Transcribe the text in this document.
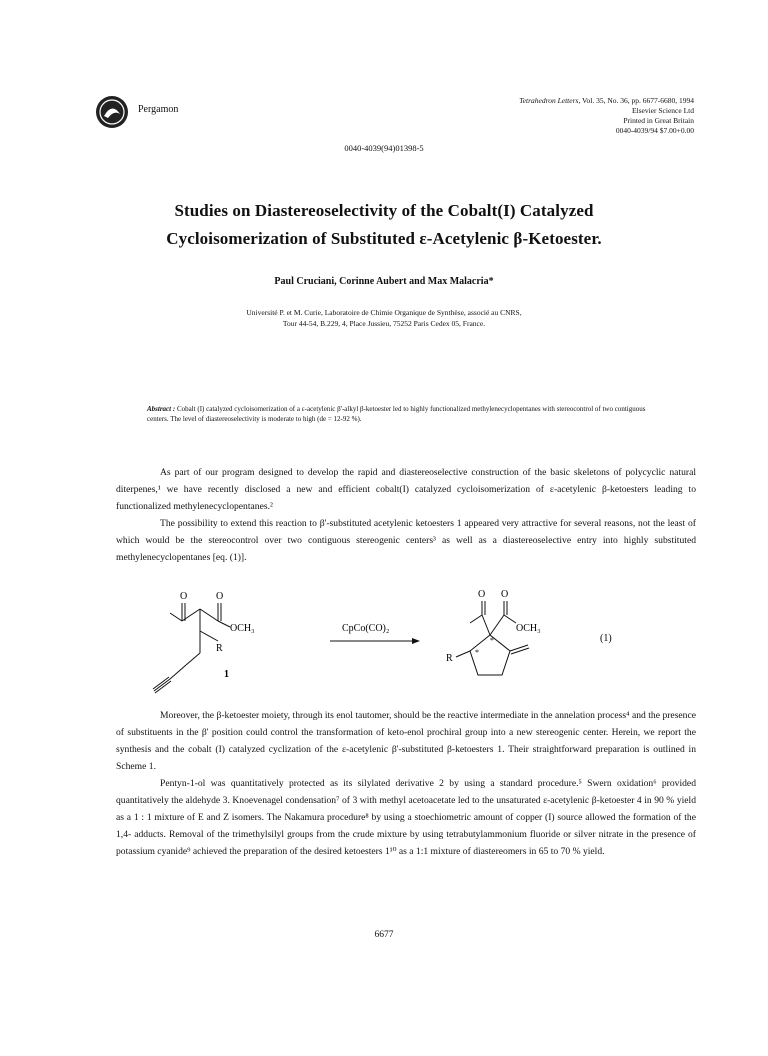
Pergamon
Tetrahedron Letters, Vol. 35, No. 36, pp. 6677-6680, 1994
Elsevier Science Ltd
Printed in Great Britain
0040-4039/94 $7.00+0.00
0040-4039(94)01398-5
Studies on Diastereoselectivity of the Cobalt(I) Catalyzed
Cycloisomerization of Substituted ε-Acetylenic β-Ketoester.
Paul Cruciani, Corinne Aubert and Max Malacria*
Université P. et M. Curie, Laboratoire de Chimie Organique de Synthèse, associé au CNRS,
Tour 44-54, B.229, 4, Place Jussieu, 75252 Paris Cedex 05, France.
Abstract : Cobalt (I) catalyzed cycloisomerization of a ε-acetylenic β'-alkyl β-ketoester led to highly functionalized methylenecyclopentanes with stereocontrol of two contiguous centers. The level of diastereoselectivity is moderate to high (de = 12-92 %).

As part of our program designed to develop the rapid and diastereoselective construction of the basic skeletons of polycyclic natural diterpenes,¹ we have recently disclosed a new and efficient cobalt(I) catalyzed cycloisomerization of ε-acetylenic β-ketoesters leading to functionalized methylenecyclopentanes.²

The possibility to extend this reaction to β'-substituted acetylenic ketoesters 1 appeared very attractive for several reasons, not the least of which would be the stereocontrol over two contiguous stereogenic centers³ as well as a diastereoselective entry into highly substituted methylenecyclopentanes [eq. (1)].

O	O
OCH₃
R
1
CpCo(CO)₂
O O
OCH₃
R
*
*	(1)

Moreover, the β-ketoester moiety, through its enol tautomer, should be the reactive intermediate in the annelation process⁴ and the presence of substituents in the β' position could control the transformation of keto-enol prochiral group into a new stereogenic center. Herein, we report the synthesis and the cobalt (I) catalyzed cyclization of the ε-acetylenic β'-substituted β-ketoesters 1. Their straightforward preparation is outlined in Scheme 1.

Pentyn-1-ol was quantitatively protected as its silylated derivative 2 by using a standard procedure.⁵ Swern oxidation⁶ provided quantitatively the aldehyde 3. Knoevenagel condensation⁷ of 3 with methyl acetoacetate led to the unsaturated ε-acetylenic β-ketoester 4 in 90 % yield as a 1 : 1 mixture of E and Z isomers. The Nakamura procedure⁸ by using a stoechiometric amount of copper (I) source allowed the formation of the 1,4- adducts. Removal of the trimethylsilyl groups from the crude mixture by using tetrabutylammonium fluoride or silver nitrate in the presence of potassium cyanide⁹ achieved the preparation of the desired ketoesters 1¹⁰ as a 1:1 mixture of diastereomers in 65 to 70 % yield.

6677
